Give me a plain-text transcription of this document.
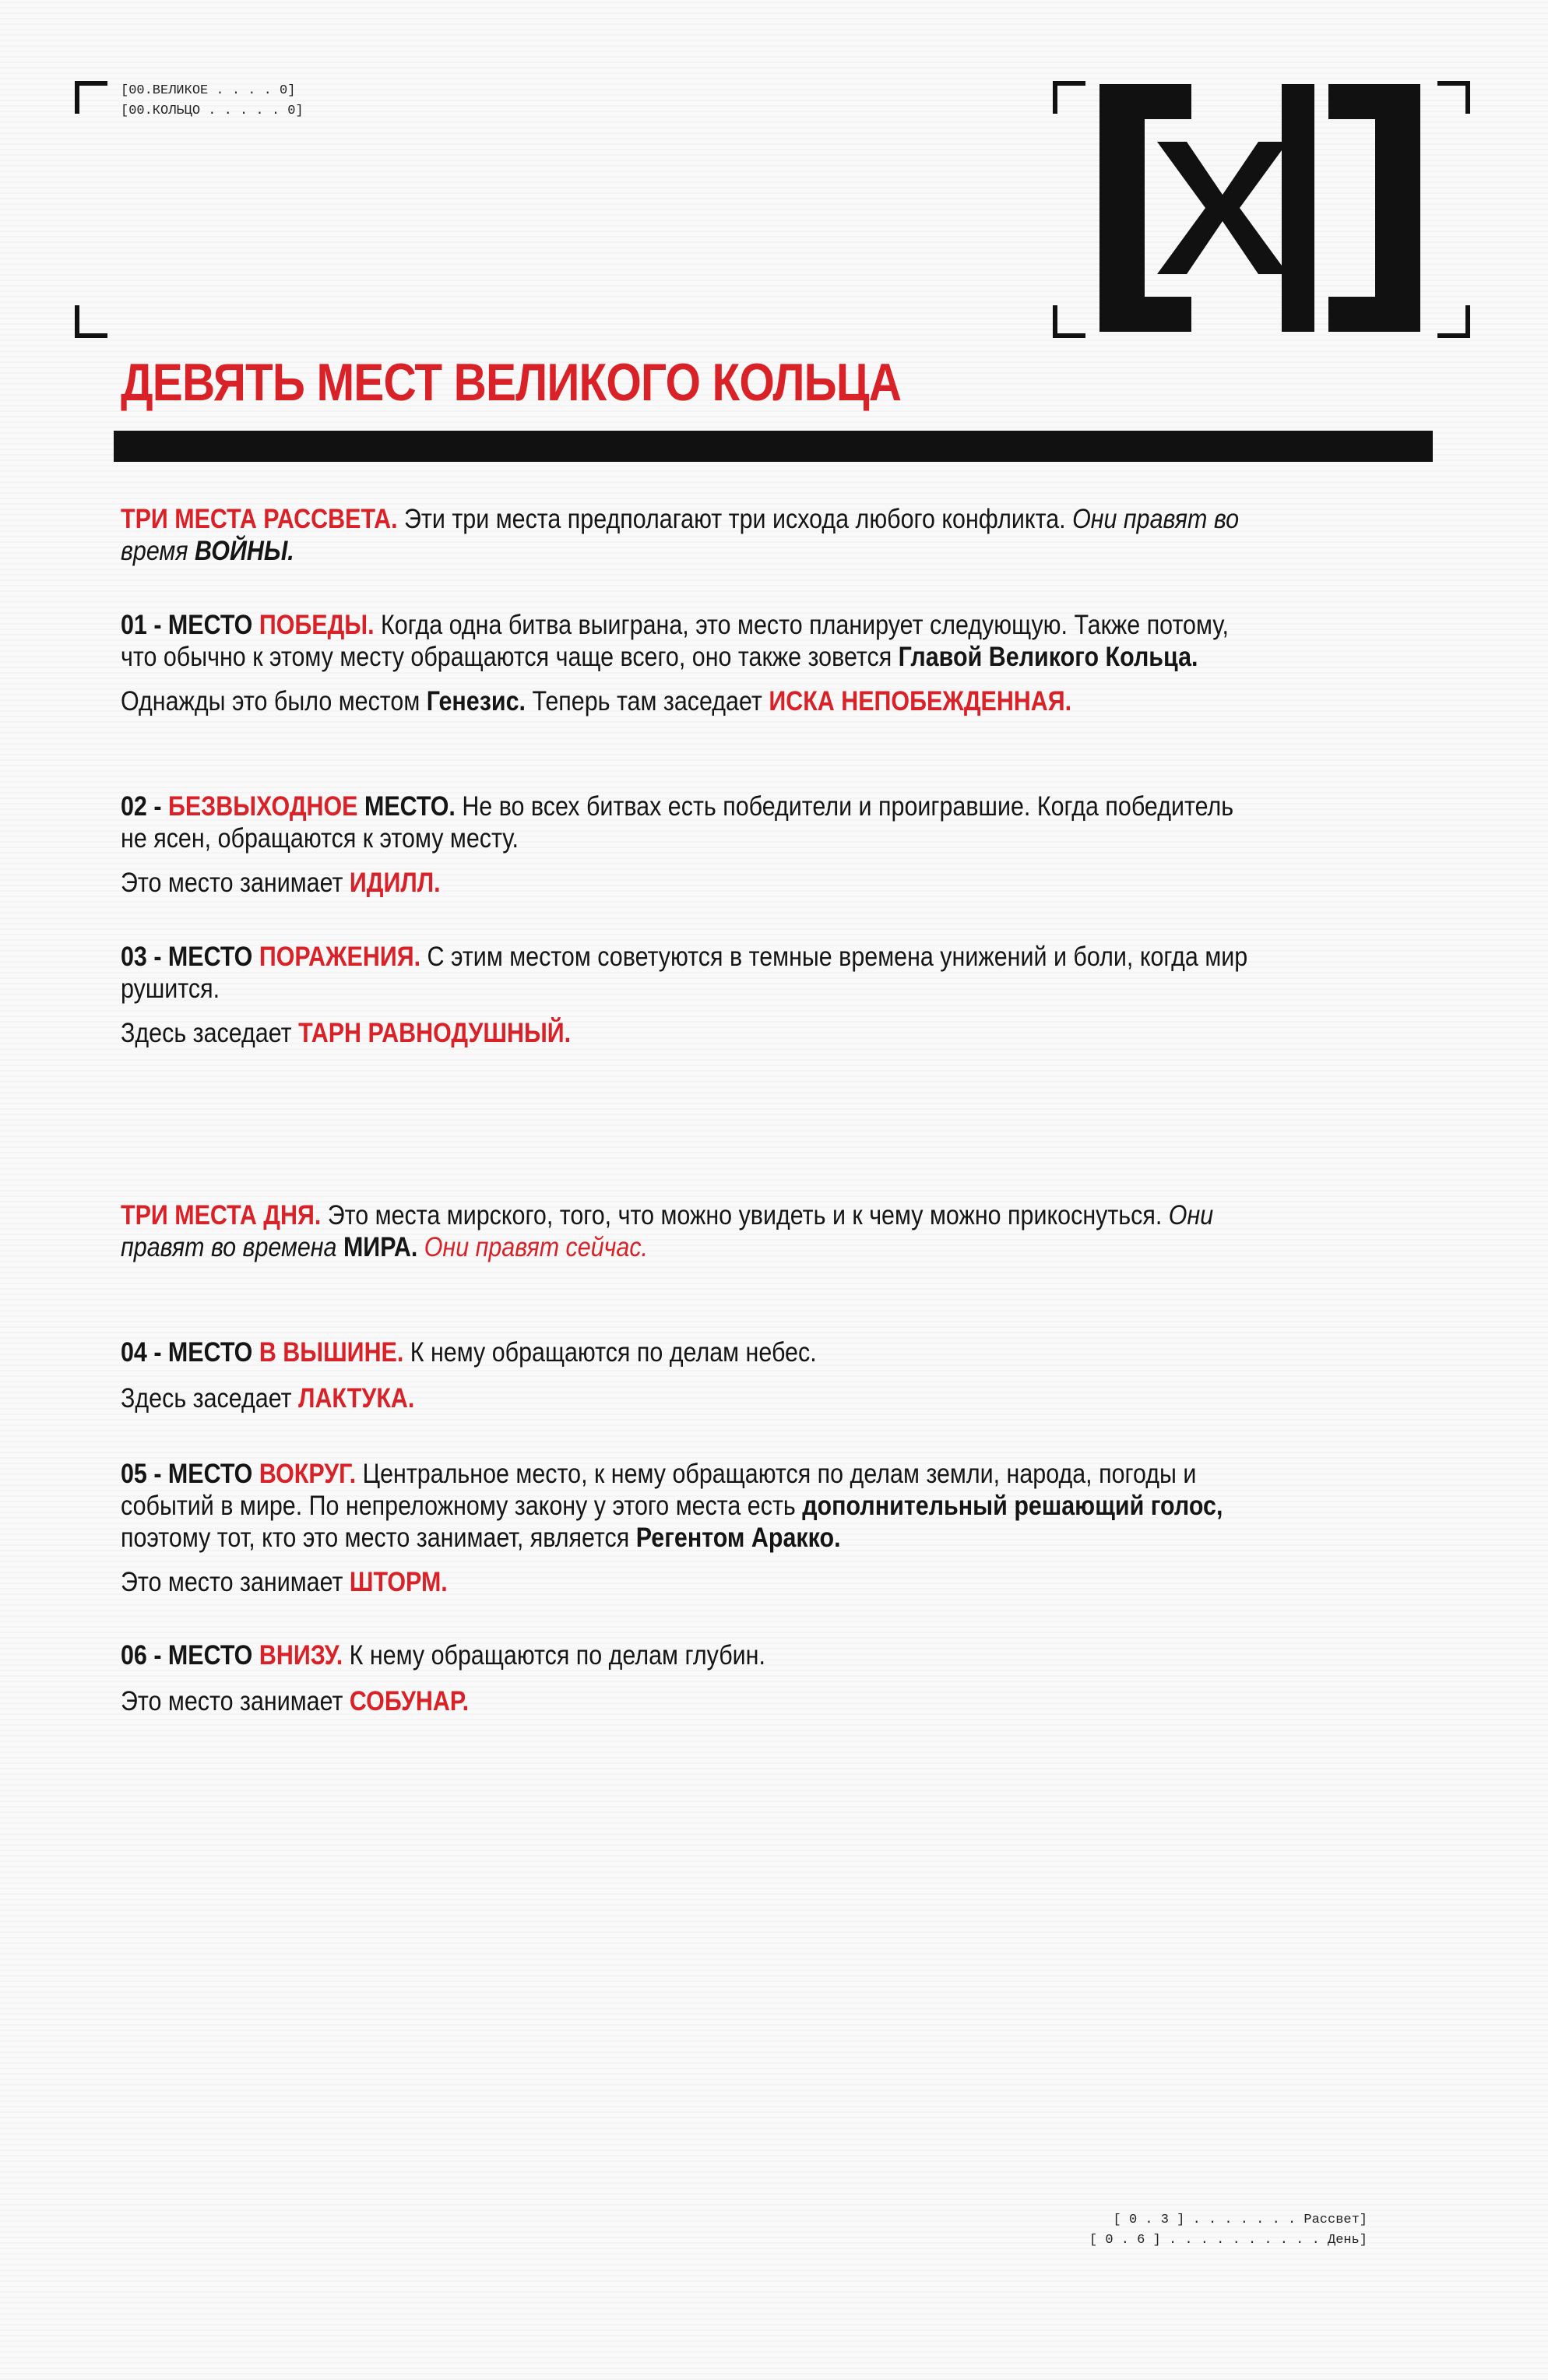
[00.ВЕЛИКОЕ . . . . 0]
[00.КОЛЬЦО . . . . . 0]
ДЕВЯТЬ МЕСТ ВЕЛИКОГО КОЛЬЦА

ТРИ МЕСТА РАССВЕТА. Эти три места предполагают три исхода любого конфликта. Они правят во время ВОЙНЫ.

01 - МЕСТО ПОБЕДЫ. Когда одна битва выиграна, это место планирует следующую. Также потому, что обычно к этому месту обращаются чаще всего, оно также зовется Главой Великого Кольца.

Однажды это было местом Генезис. Теперь там заседает ИСКА НЕПОБЕЖДЕННАЯ.

02 - БЕЗВЫХОДНОЕ МЕСТО. Не во всех битвах есть победители и проигравшие. Когда победитель не ясен, обращаются к этому месту.

Это место занимает ИДИЛЛ.

03 - МЕСТО ПОРАЖЕНИЯ. С этим местом советуются в темные времена унижений и боли, когда мир рушится.

Здесь заседает ТАРН РАВНОДУШНЫЙ.

ТРИ МЕСТА ДНЯ. Это места мирского, того, что можно увидеть и к чему можно прикоснуться. Они правят во времена МИРА. Они правят сейчас.

04 - МЕСТО В ВЫШИНЕ. К нему обращаются по делам небес.

Здесь заседает ЛАКТУКА.

05 - МЕСТО ВОКРУГ. Центральное место, к нему обращаются по делам земли, народа, погоды и событий в мире. По непреложному закону у этого места есть дополнительный решающий голос, поэтому тот, кто это место занимает, является Регентом Аракко.

Это место занимает ШТОРМ.

06 - МЕСТО ВНИЗУ. К нему обращаются по делам глубин.

Это место занимает СОБУНАР.

[ 0 . 3 ] . . . . . . . Рассвет]
[ 0 . 6 ] . . . . . . . . . . День]
